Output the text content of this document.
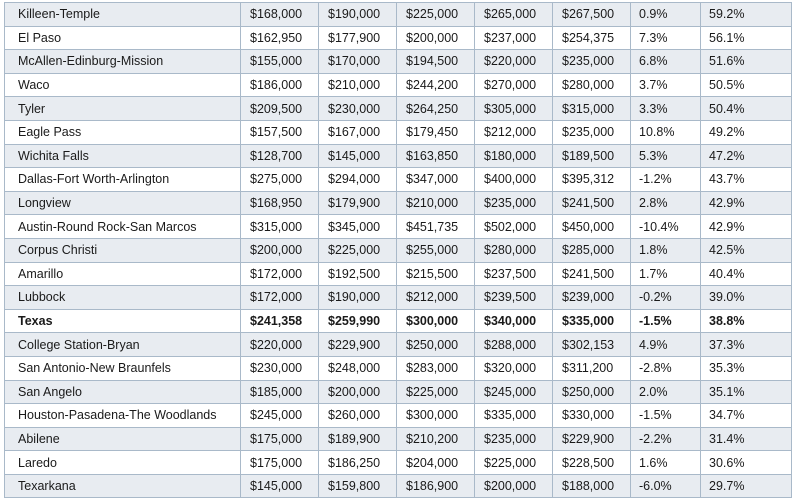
Killeen-Temple	$168,000	$190,000	$225,000	$265,000	$267,500	0.9%	59.2%
El Paso	$162,950	$177,900	$200,000	$237,000	$254,375	7.3%	56.1%
McAllen-Edinburg-Mission	$155,000	$170,000	$194,500	$220,000	$235,000	6.8%	51.6%
Waco	$186,000	$210,000	$244,200	$270,000	$280,000	3.7%	50.5%
Tyler	$209,500	$230,000	$264,250	$305,000	$315,000	3.3%	50.4%
Eagle Pass	$157,500	$167,000	$179,450	$212,000	$235,000	10.8%	49.2%
Wichita Falls	$128,700	$145,000	$163,850	$180,000	$189,500	5.3%	47.2%
Dallas-Fort Worth-Arlington	$275,000	$294,000	$347,000	$400,000	$395,312	-1.2%	43.7%
Longview	$168,950	$179,900	$210,000	$235,000	$241,500	2.8%	42.9%
Austin-Round Rock-San Marcos	$315,000	$345,000	$451,735	$502,000	$450,000	-10.4%	42.9%
Corpus Christi	$200,000	$225,000	$255,000	$280,000	$285,000	1.8%	42.5%
Amarillo	$172,000	$192,500	$215,500	$237,500	$241,500	1.7%	40.4%
Lubbock	$172,000	$190,000	$212,000	$239,500	$239,000	-0.2%	39.0%
Texas	$241,358	$259,990	$300,000	$340,000	$335,000	-1.5%	38.8%
College Station-Bryan	$220,000	$229,900	$250,000	$288,000	$302,153	4.9%	37.3%
San Antonio-New Braunfels	$230,000	$248,000	$283,000	$320,000	$311,200	-2.8%	35.3%
San Angelo	$185,000	$200,000	$225,000	$245,000	$250,000	2.0%	35.1%
Houston-Pasadena-The Woodlands	$245,000	$260,000	$300,000	$335,000	$330,000	-1.5%	34.7%
Abilene	$175,000	$189,900	$210,200	$235,000	$229,900	-2.2%	31.4%
Laredo	$175,000	$186,250	$204,000	$225,000	$228,500	1.6%	30.6%
Texarkana	$145,000	$159,800	$186,900	$200,000	$188,000	-6.0%	29.7%
